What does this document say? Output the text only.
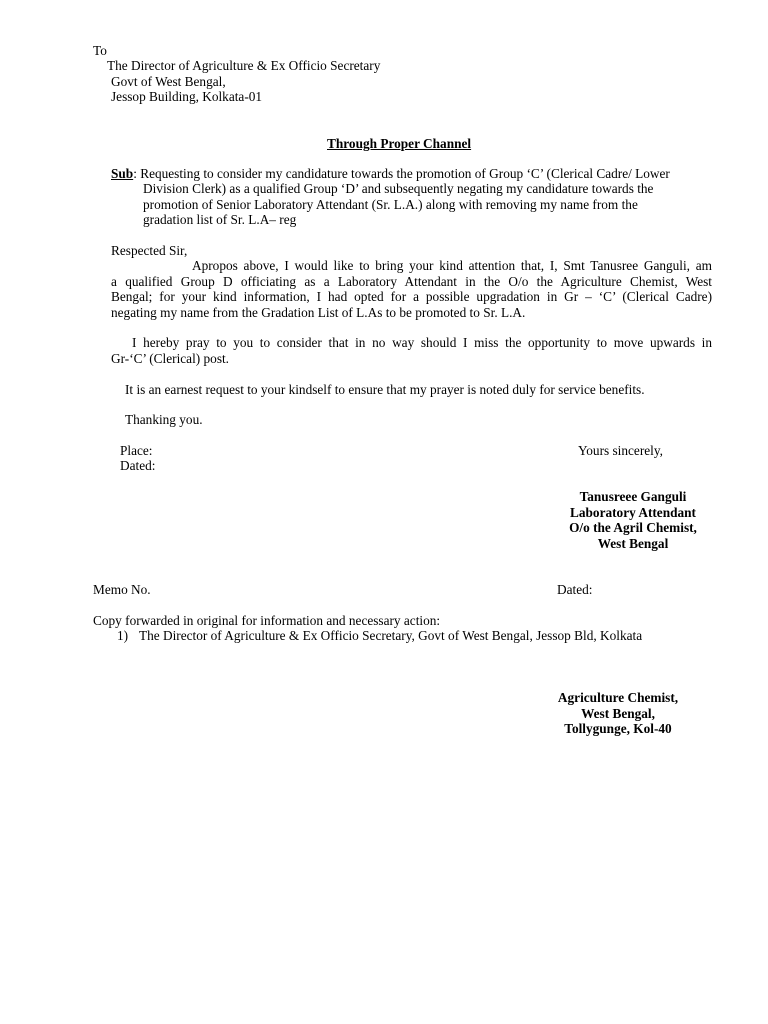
To
The Director of Agriculture & Ex Officio Secretary
Govt of West Bengal,
Jessop Building, Kolkata-01
Through Proper Channel
Sub: Requesting to consider my candidature towards the promotion of Group ‘C’ (Clerical Cadre/ Lower
Division Clerk) as a qualified Group ‘D’ and subsequently negating my candidature towards the
promotion of Senior Laboratory Attendant (Sr. L.A.) along with removing my name from the
gradation list of Sr. L.A– reg
Respected Sir,
Apropos above, I would like to bring your kind attention that, I, Smt Tanusree Ganguli, am
a qualified Group D officiating as a Laboratory Attendant in the O/o the Agriculture Chemist, West
Bengal; for your kind information, I had opted for a possible upgradation in Gr – ‘C’ (Clerical Cadre)
negating my name from the Gradation List of L.As to be promoted to Sr. L.A.
I hereby pray to you to consider that in no way should I miss the opportunity to move upwards in
Gr-‘C’ (Clerical) post.
It is an earnest request to your kindself to ensure that my prayer is noted duly for service benefits.
Thanking you.
Place:
Dated:
Yours sincerely,
Tanusreee Ganguli
Laboratory Attendant
O/o the Agril Chemist,
West Bengal
Memo No.	Dated:
Copy forwarded in original for information and necessary action:
1) The Director of Agriculture & Ex Officio Secretary, Govt of West Bengal, Jessop Bld, Kolkata
Agriculture Chemist,
West Bengal,
Tollygunge, Kol-40
